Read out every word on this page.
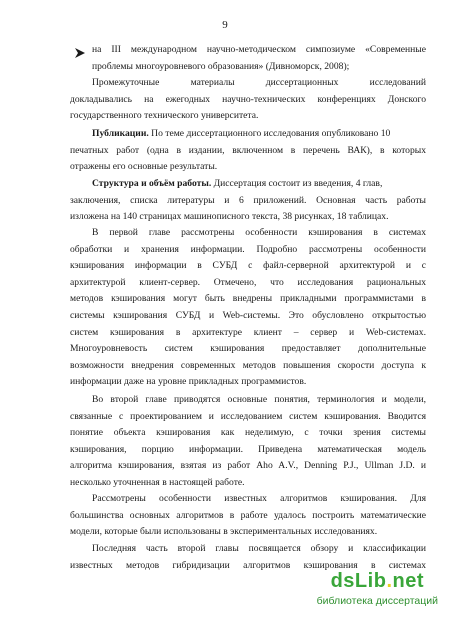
9
на III международном научно-методическом симпозиуме «Современные
проблемы многоуровневого образования» (Дивноморск, 2008);
Промежуточные материалы диссертационных исследований
докладывались на ежегодных научно-технических конференциях Донского
государственного технического университета.
Публикации. По теме диссертационного исследования опубликовано 10
печатных работ (одна в издании, включенном в перечень ВАК), в которых
отражены его основные результаты.
Структура и объём работы. Диссертация состоит из введения, 4 глав,
заключения, списка литературы и 6 приложений. Основная часть работы
изложена на 140 страницах машинописного текста, 38 рисунках, 18 таблицах.
В первой главе рассмотрены особенности кэширования в системах
обработки и хранения информации. Подробно рассмотрены особенности
кэширования информации в СУБД с файл-серверной архитектурой и с
архитектурой клиент-сервер. Отмечено, что исследования рациональных
методов кэширования могут быть внедрены прикладными программистами в
системы кэширования СУБД и Web-системы. Это обусловлено открытостью
систем кэширования в архитектуре клиент – сервер и Web-системах.
Многоуровневость систем кэширования предоставляет дополнительные
возможности внедрения современных методов повышения скорости доступа к
информации даже на уровне прикладных программистов.
Во второй главе приводятся основные понятия, терминология и модели,
связанные с проектированием и исследованием систем кэширования. Вводится
понятие объекта кэширования как неделимую, с точки зрения системы
кэширования, порцию информации. Приведена математическая модель
алгоритма кэширования, взятая из работ Aho A.V., Denning P.J., Ullman J.D. и
несколько уточненная в настоящей работе.
Рассмотрены особенности известных алгоритмов кэширования. Для
большинства основных алгоритмов в работе удалось построить математические
модели, которые были использованы в экспериментальных исследованиях.
Последняя часть второй главы посвящается обзору и классификации
известных методов гибридизации алгоритмов кэширования в системах
dsLib.net
библиотека диссертаций
